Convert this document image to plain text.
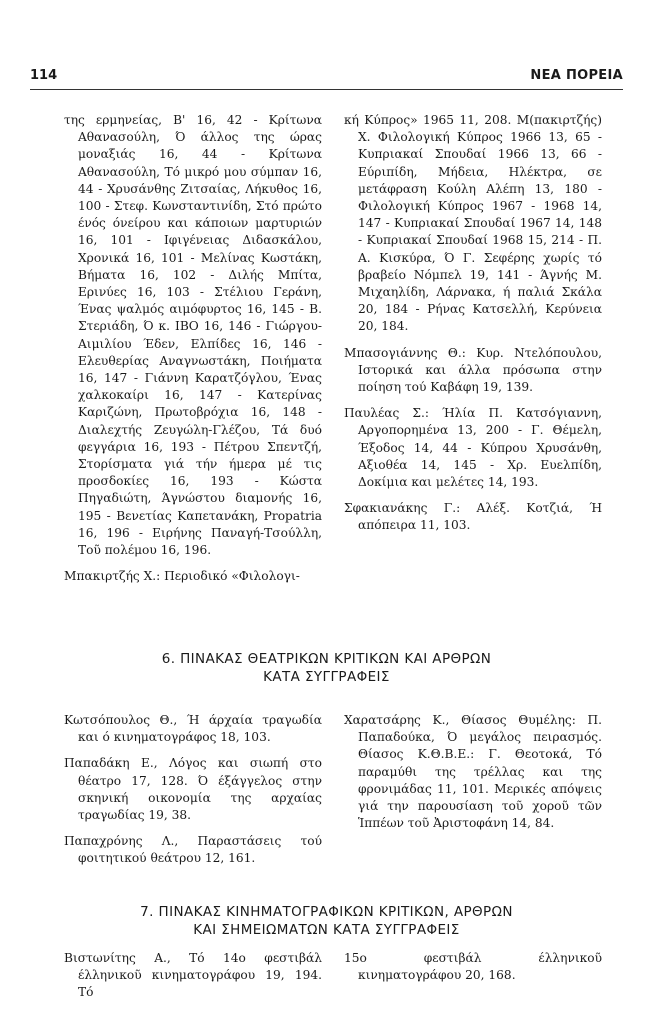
114	ΝΕΑ ΠΟΡΕΙΑ

της ερμηνείας, Β' 16, 42 - Κρίτωνα Αθανασούλη, Ό άλλος της ώρας μοναξιάς 16, 44 - Κρίτωνα Αθανασούλη, Τό μικρό μου σύμπαν 16, 44 - Χρυσάνθης Ζιτσαίας, Λήκυθος 16, 100 - Στεφ. Κωνσταντινίδη, Στό πρώτο ένός όνείρου και κάποιων μαρτυριών 16, 101 - Ιφιγένειας Διδασκάλου, Χρονικά 16, 101 - Μελίνας Κωστάκη, Βήματα 16, 102 - Διλής Μπίτα, Ερινύες 16, 103 - Στέλιου Γεράνη, Ένας ψαλμός αιμόφυρτος 16, 145 - Β. Στεριάδη, Ό κ. ΙΒΟ 16, 146 - Γιώργου-Αιμιλίου Έδεν, Ελπίδες 16, 146 - Ελευθερίας Αναγνωστάκη, Ποιήματα 16, 147 - Γιάννη Καρατζόγλου, Ένας χαλκοκαίρι 16, 147 - Κατερίνας Καριζώνη, Πρωτοβρόχια 16, 148 - Διαλεχτής Ζευγώλη-Γλέζου, Τά δυό φεγγάρια 16, 193 - Πέτρου Σπεντζή, Στορίσματα γιά τήν ήμερα μέ τις προσδοκίες 16, 193 - Κώστα Πηγαδιώτη, Άγνώστου διαμονής 16, 195 - Βενετίας Καπετανάκη, Propatria 16, 196 - Ειρήνης Παναγή-Τσούλλη, Τοῦ πολέμου 16, 196.

Μπακιρτζής Χ.: Περιοδικό «Φιλολογι-

κή Κύπρος» 1965 11, 208. Μ(πακιρτζής) Χ. Φιλολογική Κύπρος 1966 13, 65 - Κυπριακαί Σπουδαί 1966 13, 66 - Εύριπίδη, Μήδεια, Ηλέκτρα, σε μετάφραση Κούλη Αλέπη 13, 180 - Φιλολογική Κύπρος 1967 - 1968 14, 147 - Κυπριακαί Σπουδαί 1967 14, 148 - Κυπριακαί Σπουδαί 1968 15, 214 - Π. Α. Κισκύρα, Ό Γ. Σεφέρης χωρίς τό βραβείο Νόμπελ 19, 141 - Άγνής Μ. Μιχαηλίδη, Λάρνακα, ή παλιά Σκάλα 20, 184 - Ρήνας Κατσελλή, Κερύνεια 20, 184.

Μπασογιάννης Θ.: Κυρ. Ντελόπουλου, Ιστορικά και άλλα πρόσωπα στην ποίηση τού Καβάφη 19, 139.

Παυλέας Σ.: Ήλία Π. Κατσόγιαννη, Αργοπορημένα 13, 200 - Γ. Θέμελη, Έξοδος 14, 44 - Κύπρου Χρυσάνθη, Αξιοθέα 14, 145 - Χρ. Ευελπίδη, Δοκίμια και μελέτες 14, 193.

Σφακιανάκης Γ.: Αλέξ. Κοτζιά, Ή απόπειρα 11, 103.

6. ΠΙΝΑΚΑΣ ΘΕΑΤΡΙΚΩΝ ΚΡΙΤΙΚΩΝ ΚΑΙ ΑΡΘΡΩΝ
ΚΑΤΑ ΣΥΓΓΡΑΦΕΙΣ

Κωτσόπουλος Θ., Ή άρχαία τραγωδία και ό κινηματογράφος 18, 103.

Παπαδάκη Ε., Λόγος και σιωπή στο θέατρο 17, 128. Ό έξάγγελος στην σκηνική οικονομία της αρχαίας τραγωδίας 19, 38.

Παπαχρόνης Λ., Παραστάσεις τού φοιτητικού θεάτρου 12, 161.

Χαρατσάρης Κ., Θίασος Θυμέλης: Π. Παπαδούκα, Ό μεγάλος πειρασμός. Θίασος Κ.Θ.Β.Ε.: Γ. Θεοτοκά, Τό παραμύθι της τρέλλας και της φρονιμάδας 11, 101. Μερικές απόψεις γιά την παρουσίαση τοῦ χοροῦ τῶν Ἱππέων τοῦ Ἀριστοφάνη 14, 84.

7. ΠΙΝΑΚΑΣ ΚΙΝΗΜΑΤΟΓΡΑΦΙΚΩΝ ΚΡΙΤΙΚΩΝ, ΑΡΘΡΩΝ
ΚΑΙ ΣΗΜΕΙΩΜΑΤΩΝ ΚΑΤΑ ΣΥΓΓΡΑΦΕΙΣ

Βιστωνίτης Α., Τό 14ο φεστιβάλ έλληνικοῦ κινηματογράφου 19, 194. Τό

15ο φεστιβάλ έλληνικοῦ κινηματογράφου 20, 168.
